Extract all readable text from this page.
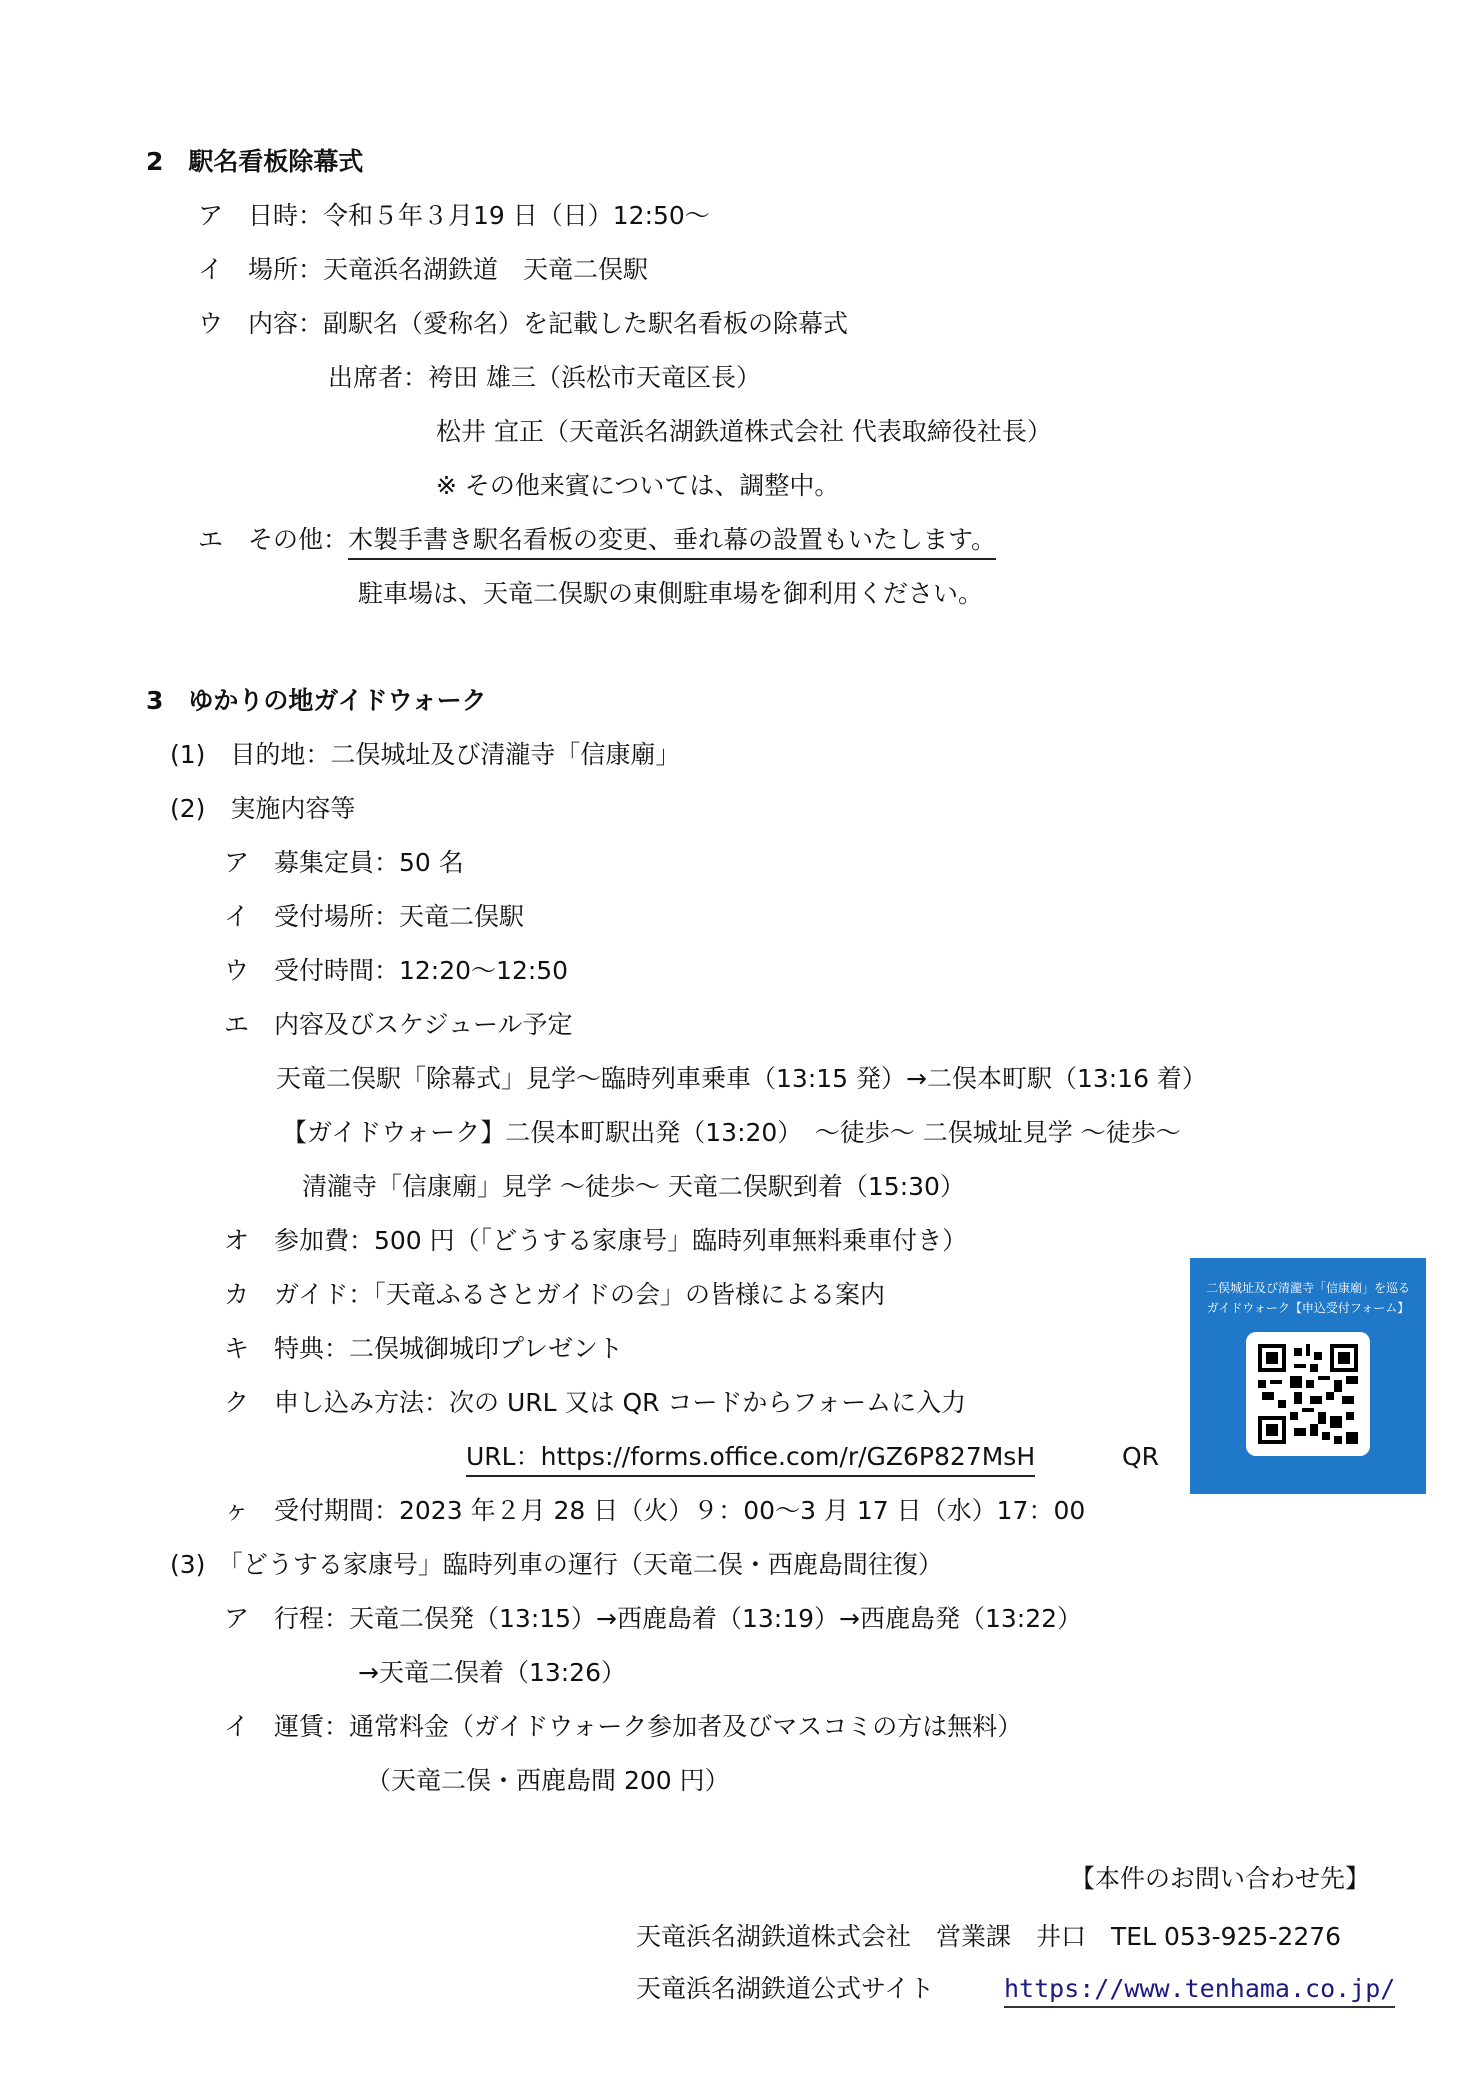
2　駅名看板除幕式
ア　日時：令和５年３月19 日（日）12:50～
イ　場所：天竜浜名湖鉄道　天竜二俣駅
ウ　内容：副駅名（愛称名）を記載した駅名看板の除幕式
出席者：袴田 雄三（浜松市天竜区長）
松井 宜正（天竜浜名湖鉄道株式会社 代表取締役社長）
※ その他来賓については、調整中。
エ　その他：木製手書き駅名看板の変更、垂れ幕の設置もいたします。
駐車場は、天竜二俣駅の東側駐車場を御利用ください。
3　ゆかりの地ガイドウォーク
(1)　目的地：二俣城址及び清瀧寺「信康廟」
(2)　実施内容等
ア　募集定員：50 名
イ　受付場所：天竜二俣駅
ウ　受付時間：12:20～12:50
エ　内容及びスケジュール予定
天竜二俣駅「除幕式」見学～臨時列車乗車（13:15 発）→二俣本町駅（13:16 着）
【ガイドウォーク】二俣本町駅出発（13:20）　～徒歩～ 二俣城址見学 ～徒歩～
清瀧寺「信康廟」見学 ～徒歩～ 天竜二俣駅到着（15:30）
オ　参加費：500 円（「どうする家康号」臨時列車無料乗車付き）
カ　ガイド：「天竜ふるさとガイドの会」の皆様による案内
キ　特典：二俣城御城印プレゼント
ク　申し込み方法：次の URL 又は QR コードからフォームに入力
URL：https://forms.office.com/r/GZ6P827MsH	QR
ヶ　受付期間：2023 年２月 28 日（火）９：00～3 月 17 日（水）17：00
(3)　「どうする家康号」臨時列車の運行（天竜二俣・西鹿島間往復）
ア　行程：天竜二俣発（13:15）→西鹿島着（13:19）→西鹿島発（13:22）
→天竜二俣着（13:26）
イ　運賃：通常料金（ガイドウォーク参加者及びマスコミの方は無料）
（天竜二俣・西鹿島間 200 円）
二俣城址及び清瀧寺「信康廟」を巡る
ガイドウォーク【申込受付フォーム】
【本件のお問い合わせ先】
天竜浜名湖鉄道株式会社　営業課　井口　TEL 053-925-2276
天竜浜名湖鉄道公式サイト	https://www.tenhama.co.jp/
